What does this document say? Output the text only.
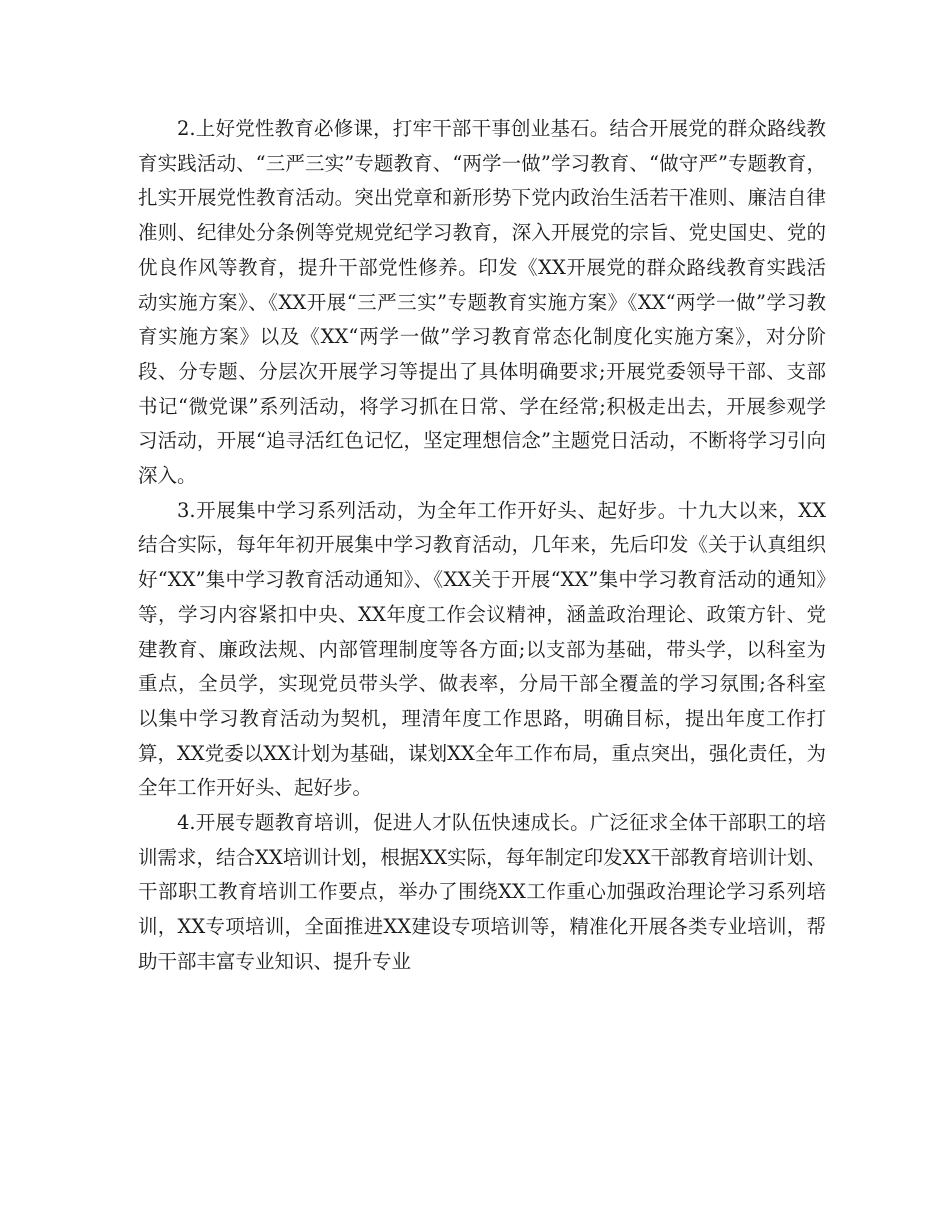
2.上好党性教育必修课，打牢干部干事创业基石。结合开展党的群众路线教育实践活动、“三严三实”专题教育、“两学一做”学习教育、“做守严”专题教育，扎实开展党性教育活动。突出党章和新形势下党内政治生活若干准则、廉洁自律准则、纪律处分条例等党规党纪学习教育，深入开展党的宗旨、党史国史、党的优良作风等教育，提升干部党性修养。印发《XX开展党的群众路线教育实践活动实施方案》、《XX开展“三严三实”专题教育实施方案》《XX“两学一做”学习教育实施方案》以及《XX“两学一做”学习教育常态化制度化实施方案》，对分阶段、分专题、分层次开展学习等提出了具体明确要求;开展党委领导干部、支部书记“微党课”系列活动，将学习抓在日常、学在经常;积极走出去，开展参观学习活动，开展“追寻活红色记忆，坚定理想信念”主题党日活动，不断将学习引向深入。

3.开展集中学习系列活动，为全年工作开好头、起好步。十九大以来，XX结合实际，每年年初开展集中学习教育活动，几年来，先后印发《关于认真组织好“XX”集中学习教育活动通知》、《XX关于开展“XX”集中学习教育活动的通知》等，学习内容紧扣中央、XX年度工作会议精神，涵盖政治理论、政策方针、党建教育、廉政法规、内部管理制度等各方面;以支部为基础，带头学，以科室为重点，全员学，实现党员带头学、做表率，分局干部全覆盖的学习氛围;各科室以集中学习教育活动为契机，理清年度工作思路，明确目标，提出年度工作打算，XX党委以XX计划为基础，谋划XX全年工作布局，重点突出，强化责任，为全年工作开好头、起好步。

4.开展专题教育培训，促进人才队伍快速成长。广泛征求全体干部职工的培训需求，结合XX培训计划，根据XX实际，每年制定印发XX干部教育培训计划、干部职工教育培训工作要点，举办了围绕XX工作重心加强政治理论学习系列培训，XX专项培训，全面推进XX建设专项培训等，精准化开展各类专业培训，帮助干部丰富专业知识、提升专业
